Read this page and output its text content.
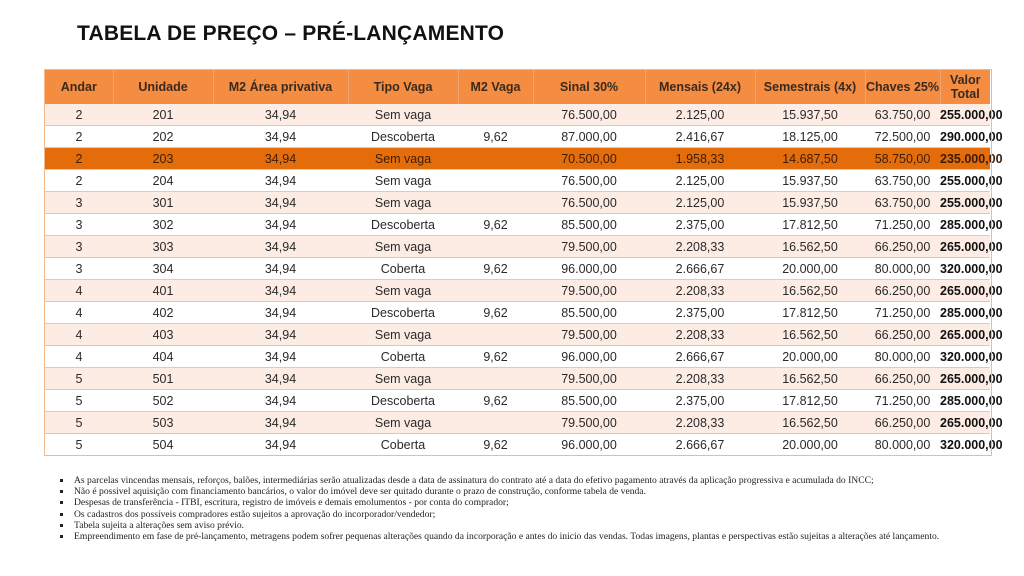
TABELA DE PREÇO – PRÉ-LANÇAMENTO
Andar	Unidade	M2 Área privativa	Tipo Vaga	M2 Vaga	Sinal 30%	Mensais (24x)	Semestrais (4x)	Chaves 25%	Valor Total
2	201	34,94	Sem vaga		76.500,00	2.125,00	15.937,50	63.750,00	255.000,00
2	202	34,94	Descoberta	9,62	87.000,00	2.416,67	18.125,00	72.500,00	290.000,00
2	203	34,94	Sem vaga		70.500,00	1.958,33	14.687,50	58.750,00	235.000,00
2	204	34,94	Sem vaga		76.500,00	2.125,00	15.937,50	63.750,00	255.000,00
3	301	34,94	Sem vaga		76.500,00	2.125,00	15.937,50	63.750,00	255.000,00
3	302	34,94	Descoberta	9,62	85.500,00	2.375,00	17.812,50	71.250,00	285.000,00
3	303	34,94	Sem vaga		79.500,00	2.208,33	16.562,50	66.250,00	265.000,00
3	304	34,94	Coberta	9,62	96.000,00	2.666,67	20.000,00	80.000,00	320.000,00
4	401	34,94	Sem vaga		79.500,00	2.208,33	16.562,50	66.250,00	265.000,00
4	402	34,94	Descoberta	9,62	85.500,00	2.375,00	17.812,50	71.250,00	285.000,00
4	403	34,94	Sem vaga		79.500,00	2.208,33	16.562,50	66.250,00	265.000,00
4	404	34,94	Coberta	9,62	96.000,00	2.666,67	20.000,00	80.000,00	320.000,00
5	501	34,94	Sem vaga		79.500,00	2.208,33	16.562,50	66.250,00	265.000,00
5	502	34,94	Descoberta	9,62	85.500,00	2.375,00	17.812,50	71.250,00	285.000,00
5	503	34,94	Sem vaga		79.500,00	2.208,33	16.562,50	66.250,00	265.000,00
5	504	34,94	Coberta	9,62	96.000,00	2.666,67	20.000,00	80.000,00	320.000,00
As parcelas vincendas mensais, reforços, balões, intermediárias serão atualizadas desde a data de assinatura do contrato até a data do efetivo pagamento através da aplicação progressiva e acumulada do INCC;
Não é possivel aquisição com financiamento bancários, o valor do imóvel deve ser quitado durante o prazo de construção, conforme tabela de venda.
Despesas de transferência - ITBI, escritura, registro de imóveis e demais emolumentos - por conta do comprador;
Os cadastros dos possíveis compradores estão sujeitos a aprovação do incorporador/vendedor;
Tabela sujeita a alterações sem aviso prévio.
Empreendimento em fase de pré-lançamento, metragens podem sofrer pequenas alterações quando da incorporação e antes do inicio das vendas. Todas imagens, plantas e perspectivas estão sujeitas a alterações até lançamento.
